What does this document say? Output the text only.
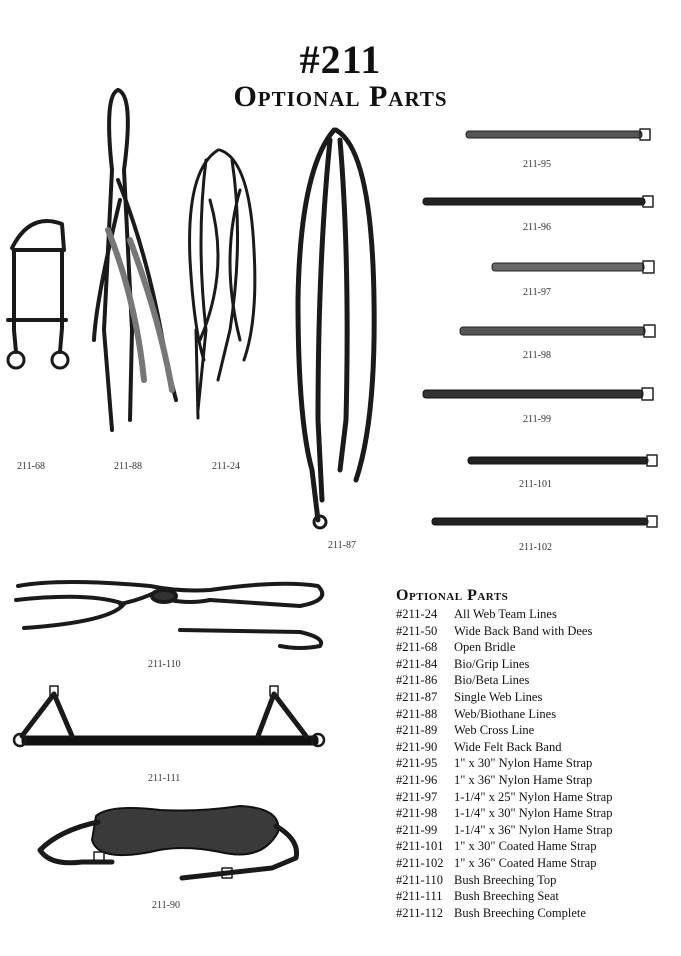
#211
Optional Parts
211-95
211-96
211-97
211-98
211-99
211-101
211-102
211-68	211-88	211-24
211-87
211-110
211-111
211-90
Optional Parts
#211-24	All Web Team Lines
#211-50	Wide Back Band with Dees
#211-68	Open Bridle
#211-84	Bio/Grip Lines
#211-86	Bio/Beta Lines
#211-87	Single Web Lines
#211-88	Web/Biothane Lines
#211-89	Web Cross Line
#211-90	Wide Felt Back Band
#211-95	1" x 30" Nylon Hame Strap
#211-96	1" x 36" Nylon Hame Strap
#211-97	1-1/4" x 25" Nylon Hame Strap
#211-98	1-1/4" x 30" Nylon Hame Strap
#211-99	1-1/4" x 36" Nylon Hame Strap
#211-101 1" x 30" Coated Hame Strap
#211-102 1" x 36" Coated Hame Strap
#211-110 Bush Breeching Top
#211-111 Bush Breeching Seat
#211-112 Bush Breeching Complete
